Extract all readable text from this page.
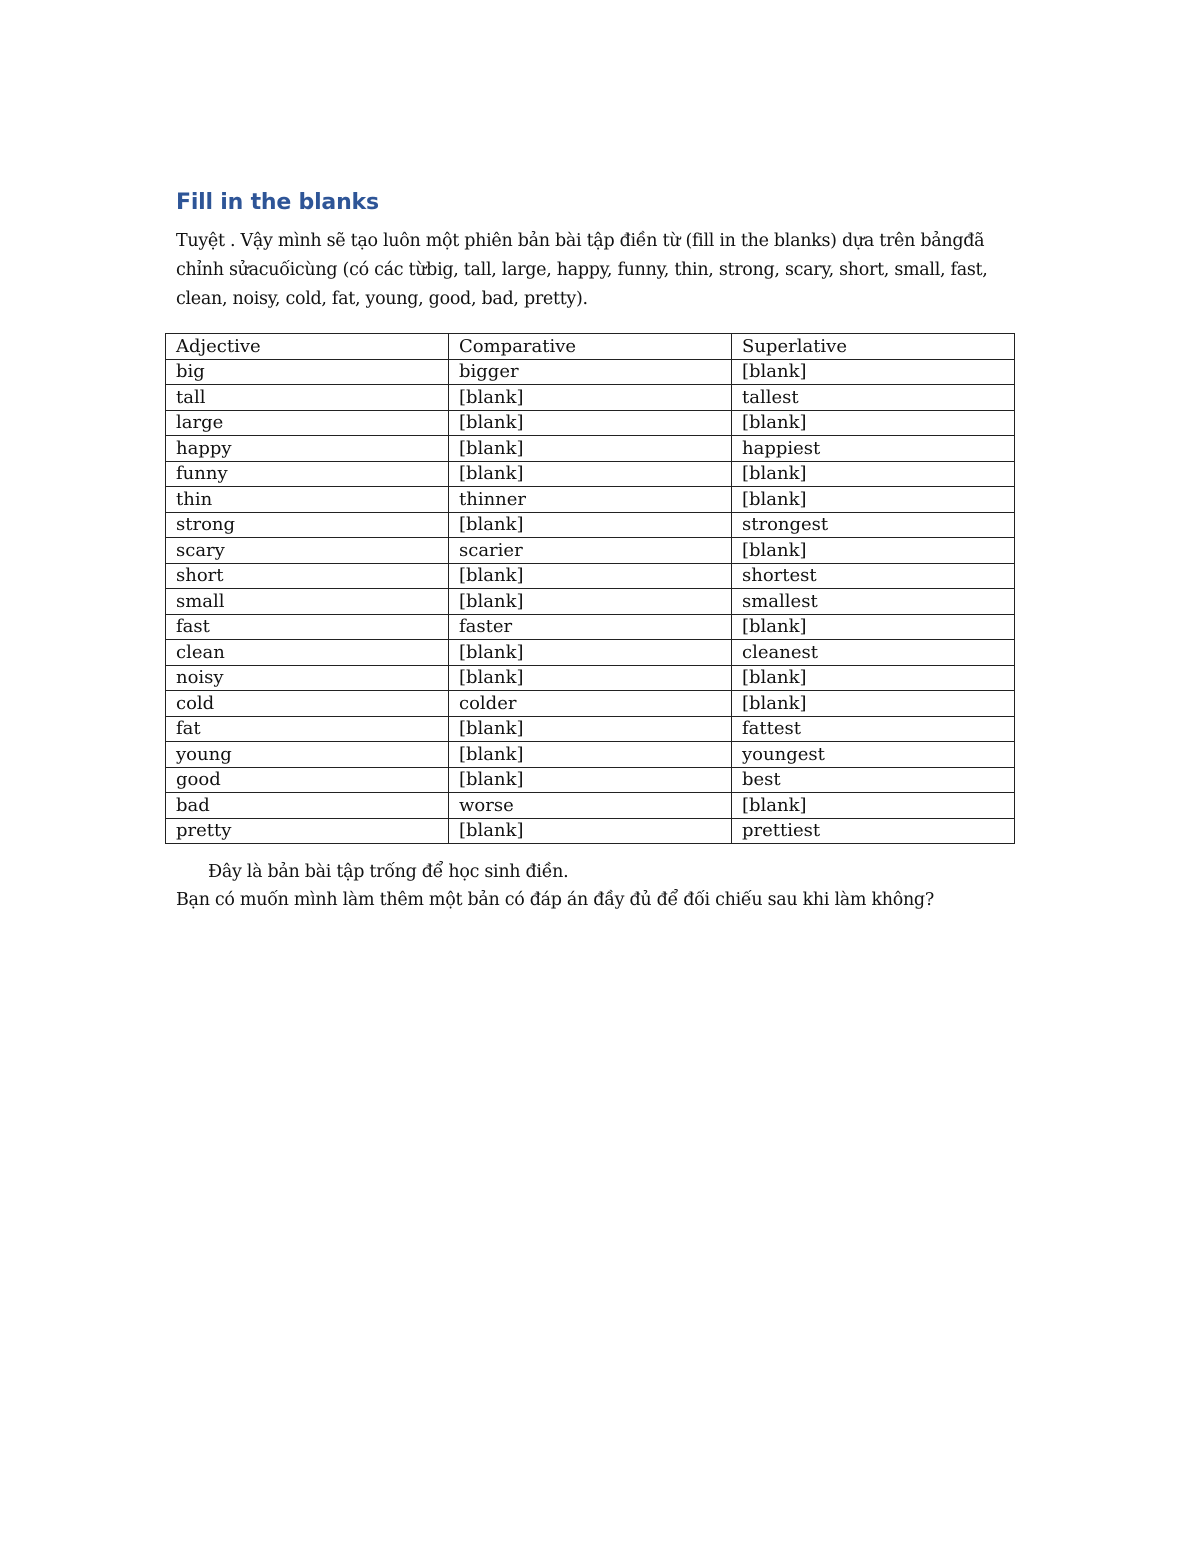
Fill in the blanks

Tuyệt . Vậy mình sẽ tạo luôn một phiên bản bài tập điền từ (fill in the blanks) dựa trên bảngđã chỉnh sửacuốicùng (có các từbig, tall, large, happy, funny, thin, strong, scary, short, small, fast, clean, noisy, cold, fat, young, good, bad, pretty).

Adjective	Comparative	Superlative
big	bigger	[blank]
tall	[blank]	tallest
large	[blank]	[blank]
happy	[blank]	happiest
funny	[blank]	[blank]
thin	thinner	[blank]
strong	[blank]	strongest
scary	scarier	[blank]
short	[blank]	shortest
small	[blank]	smallest
fast	faster	[blank]
clean	[blank]	cleanest
noisy	[blank]	[blank]
cold	colder	[blank]
fat	[blank]	fattest
young	[blank]	youngest
good	[blank]	best
bad	worse	[blank]
pretty	[blank]	prettiest

Đây là bản bài tập trống để học sinh điền.

Bạn có muốn mình làm thêm một bản có đáp án đầy đủ để đối chiếu sau khi làm không?
